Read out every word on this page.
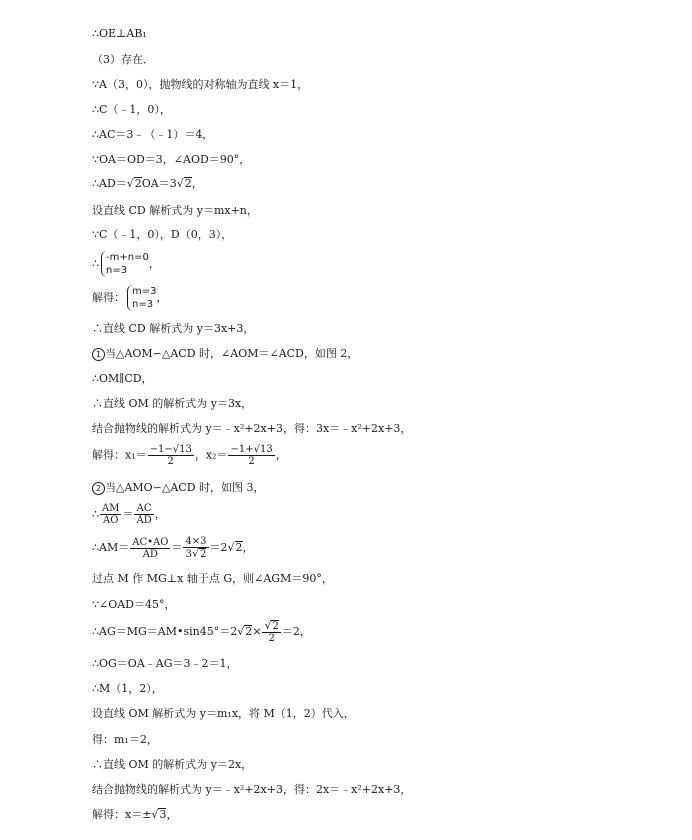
∴OE⊥AB₁
（3）存在．
∵A（3，0），抛物线的对称轴为直线 x＝1，
∴C（﹣1，0），
∴AC＝3﹣（﹣1）＝4，
∵OA＝OD＝3，∠AOD＝90°，
∴AD＝√2OA＝3√2，
设直线 CD 解析式为 y＝mx+n，
∵C（﹣1，0），D（0，3），
∴ -m+n=0
n=3
，
解得： m=3
n=3
，
∴直线 CD 解析式为 y＝3x+3，
1 当△AOM∽△ACD 时，∠AOM＝∠ACD，如图 2，
∴OM∥CD，
∴直线 OM 的解析式为 y＝3x，
结合抛物线的解析式为 y＝﹣x²+2x+3，得：3x＝﹣x²+2x+3，
解得：$x_1= \frac{-1-√13}{2}$ ，$x_2= \frac{-1+√13}{2}$ ，
2 当△AMO∽△ACD 时，如图 3，
∴ $\frac{AM}{AO} = \frac{AC}{AD}$ ，
∴AM＝ $\frac{AC•AO}{AD} = \frac{4\times 3}{3√2} =2√2$，
过点 M 作 MG⊥x 轴于点 G，则∠AGM＝90°，
∵∠OAD＝45°，
∴AG＝MG＝AM•sin45°＝2√2× $\frac{√2}{2} =2$，
∴OG＝OA﹣AG＝3﹣2＝1，
∴M（1，2），
设直线 OM 解析式为 y＝m₁x，将 M（1，2）代入，
得：m₁＝2，
∴直线 OM 的解析式为 y＝2x，
结合抛物线的解析式为 y＝﹣x²+2x+3，得：2x＝﹣x²+2x+3，
解得：x＝±√3，
